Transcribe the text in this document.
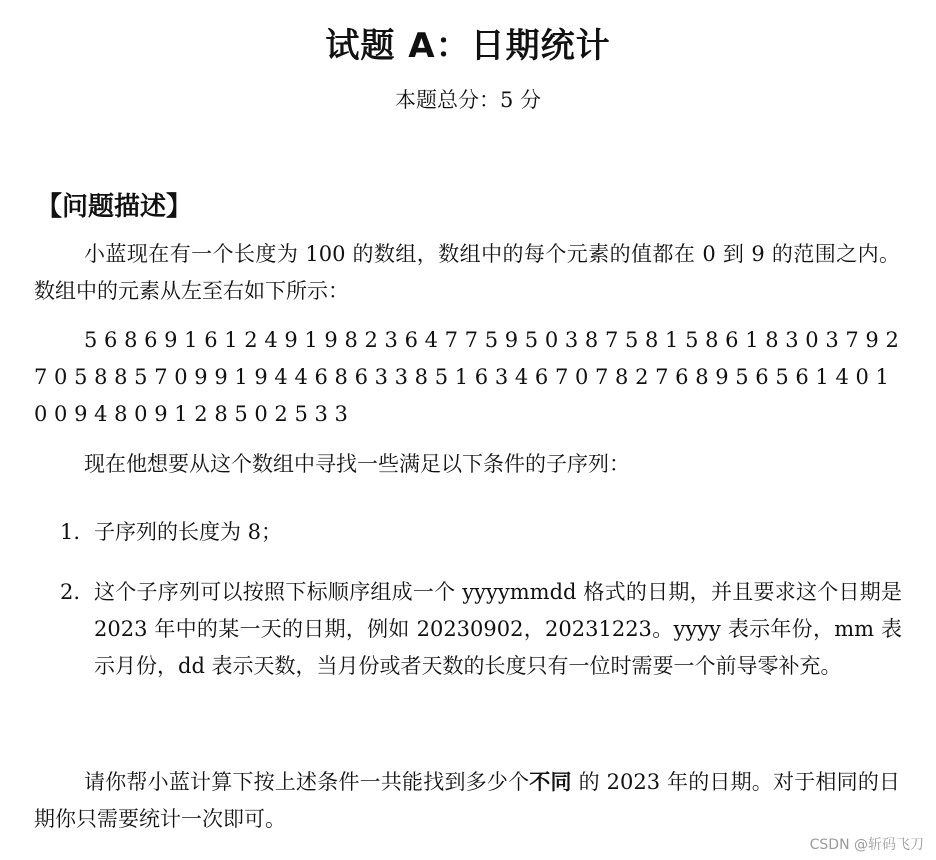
试题 A：日期统计
本题总分：5 分
【问题描述】
小蓝现在有一个长度为 100 的数组，数组中的每个元素的值都在 0 到 9 的范围之内。数组中的元素从左至右如下所示：
5 6 8 6 9 1 6 1 2 4 9 1 9 8 2 3 6 4 7 7 5 9 5 0 3 8 7 5 8 1 5 8 6 1 8 3 0 3 7 9 2
7 0 5 8 8 5 7 0 9 9 1 9 4 4 6 8 6 3 3 8 5 1 6 3 4 6 7 0 7 8 2 7 6 8 9 5 6 5 6 1 4 0 1
0 0 9 4 8 0 9 1 2 8 5 0 2 5 3 3
现在他想要从这个数组中寻找一些满足以下条件的子序列：
1. 子序列的长度为 8；
2. 这个子序列可以按照下标顺序组成一个 yyyymmdd 格式的日期，并且要求这个日期是 2023 年中的某一天的日期，例如 20230902，20231223。yyyy 表示年份，mm 表示月份，dd 表示天数，当月份或者天数的长度只有一位时需要一个前导零补充。
请你帮小蓝计算下按上述条件一共能找到多少个不同 的 2023 年的日期。对于相同的日期你只需要统计一次即可。
CSDN @斩码飞刀
